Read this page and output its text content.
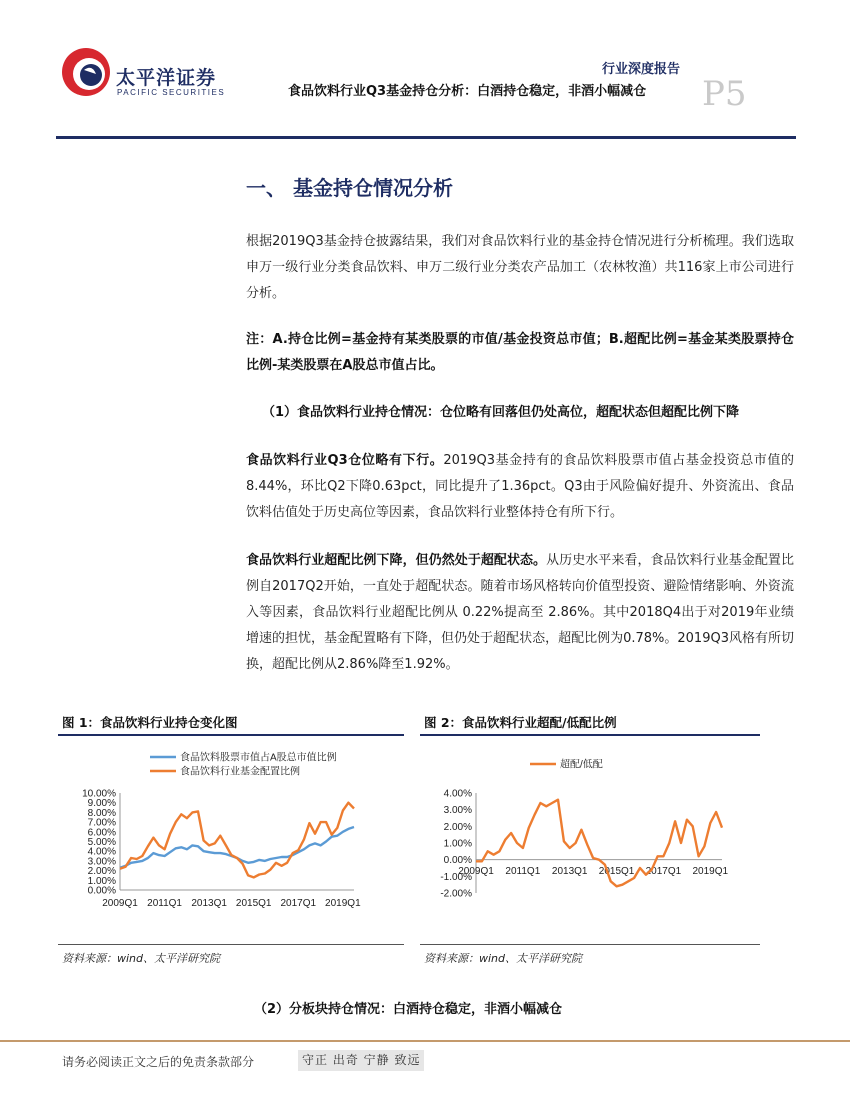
太平洋证券
PACIFIC SECURITIES
行业深度报告
食品饮料行业Q3基金持仓分析：白酒持仓稳定，非酒小幅减仓 P5
一、 基金持仓情况分析

根据2019Q3基金持仓披露结果，我们对食品饮料行业的基金持仓情况进行分析梳理。我们选取申万一级行业分类食品饮料、申万二级行业分类农产品加工（农林牧渔）共116家上市公司进行分析。

注：A.持仓比例=基金持有某类股票的市值/基金投资总市值；B.超配比例=基金某类股票持仓比例-某类股票在A股总市值占比。

（1）食品饮料行业持仓情况：仓位略有回落但仍处高位，超配状态但超配比例下降

食品饮料行业Q3仓位略有下行。2019Q3基金持有的食品饮料股票市值占基金投资总市值的8.44%，环比Q2下降0.63pct，同比提升了1.36pct。Q3由于风险偏好提升、外资流出、食品饮料估值处于历史高位等因素，食品饮料行业整体持仓有所下行。

食品饮料行业超配比例下降，但仍然处于超配状态。从历史水平来看，食品饮料行业基金配置比例自2017Q2开始，一直处于超配状态。随着市场风格转向价值型投资、避险情绪影响、外资流入等因素，食品饮料行业超配比例从 0.22%提高至 2.86%。其中2018Q4出于对2019年业绩增速的担忧，基金配置略有下降，但仍处于超配状态，超配比例为0.78%。2019Q3风格有所切换，超配比例从2.86%降至1.92%。

图 1：食品饮料行业持仓变化图
0.00%
1.00%
2.00%
3.00%
4.00%
5.00%
6.00%
7.00%
8.00%
9.00%
10.00%
2009Q1 2011Q1 2013Q1 2015Q1 2017Q1 2019Q1
食品饮料股票市值占A股总市值比例
食品饮料行业基金配置比例
资料来源：wind、太平洋研究院
图 2：食品饮料行业超配/低配比例
-2.00%
-1.00%
0.00%
1.00%
2.00%
3.00%
4.00%
2009Q1 2011Q1 2013Q1 2015Q1 2017Q1 2019Q1
超配/低配
资料来源：wind、太平洋研究院
（2）分板块持仓情况：白酒持仓稳定，非酒小幅减仓
请务必阅读正文之后的免责条款部分	守正 出奇 宁静 致远
